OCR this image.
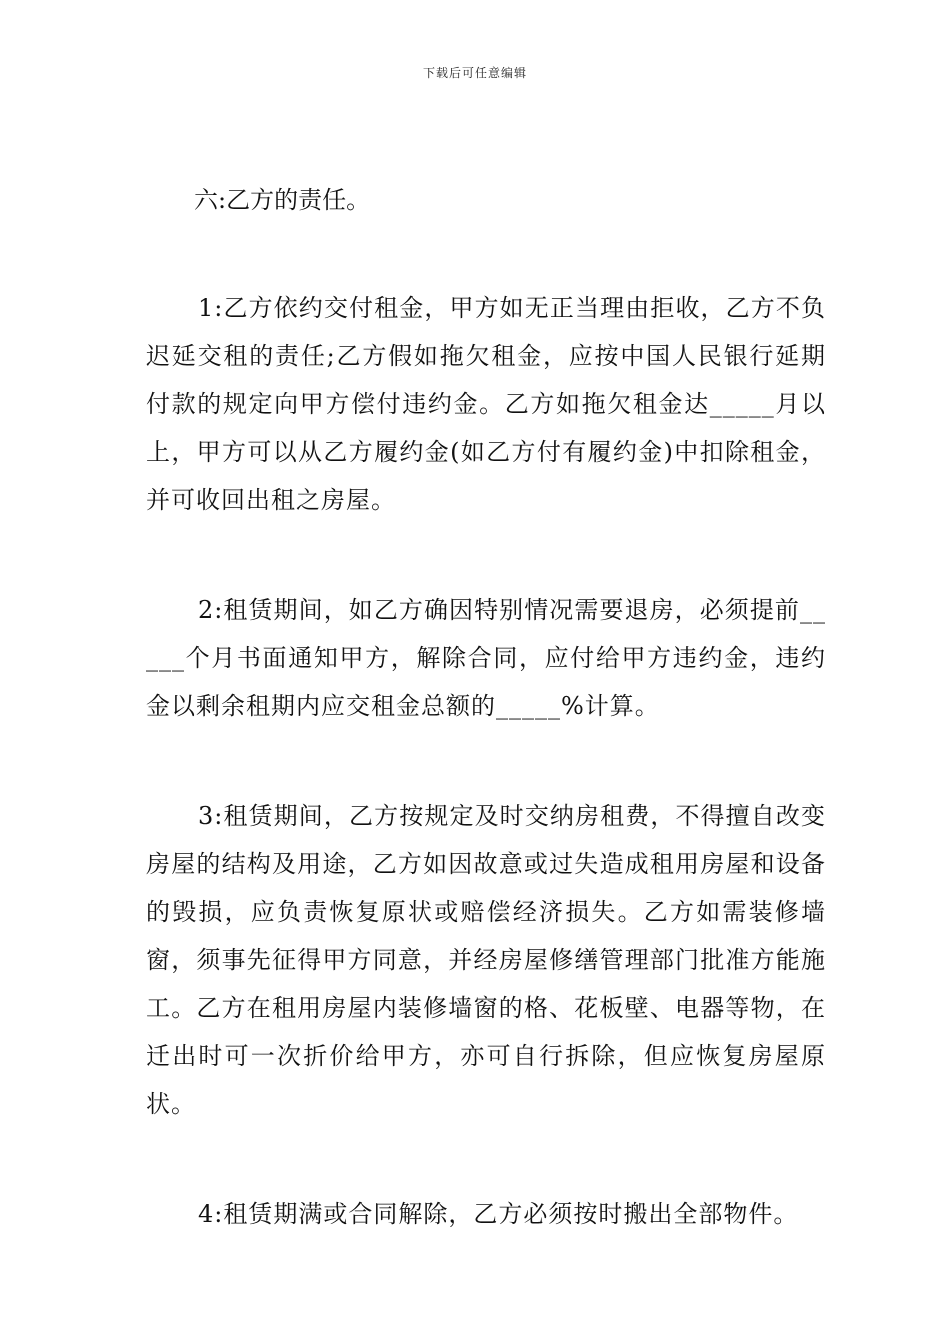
下载后可任意编辑

六:乙方的责任。

1:乙方依约交付租金，甲方如无正当理由拒收，乙方不负迟延交租的责任;乙方假如拖欠租金，应按中国人民银行延期付款的规定向甲方偿付违约金。乙方如拖欠租金达_____月以上，甲方可以从乙方履约金(如乙方付有履约金)中扣除租金，并可收回出租之房屋。

2:租赁期间，如乙方确因特别情况需要退房，必须提前_____个月书面通知甲方，解除合同，应付给甲方违约金，违约金以剩余租期内应交租金总额的_____%计算。

3:租赁期间，乙方按规定及时交纳房租费，不得擅自改变房屋的结构及用途，乙方如因故意或过失造成租用房屋和设备的毁损，应负责恢复原状或赔偿经济损失。乙方如需装修墙窗，须事先征得甲方同意，并经房屋修缮管理部门批准方能施工。乙方在租用房屋内装修墙窗的格、花板壁、电器等物，在迁出时可一次折价给甲方，亦可自行拆除，但应恢复房屋原状。

4:租赁期满或合同解除，乙方必须按时搬出全部物件。
